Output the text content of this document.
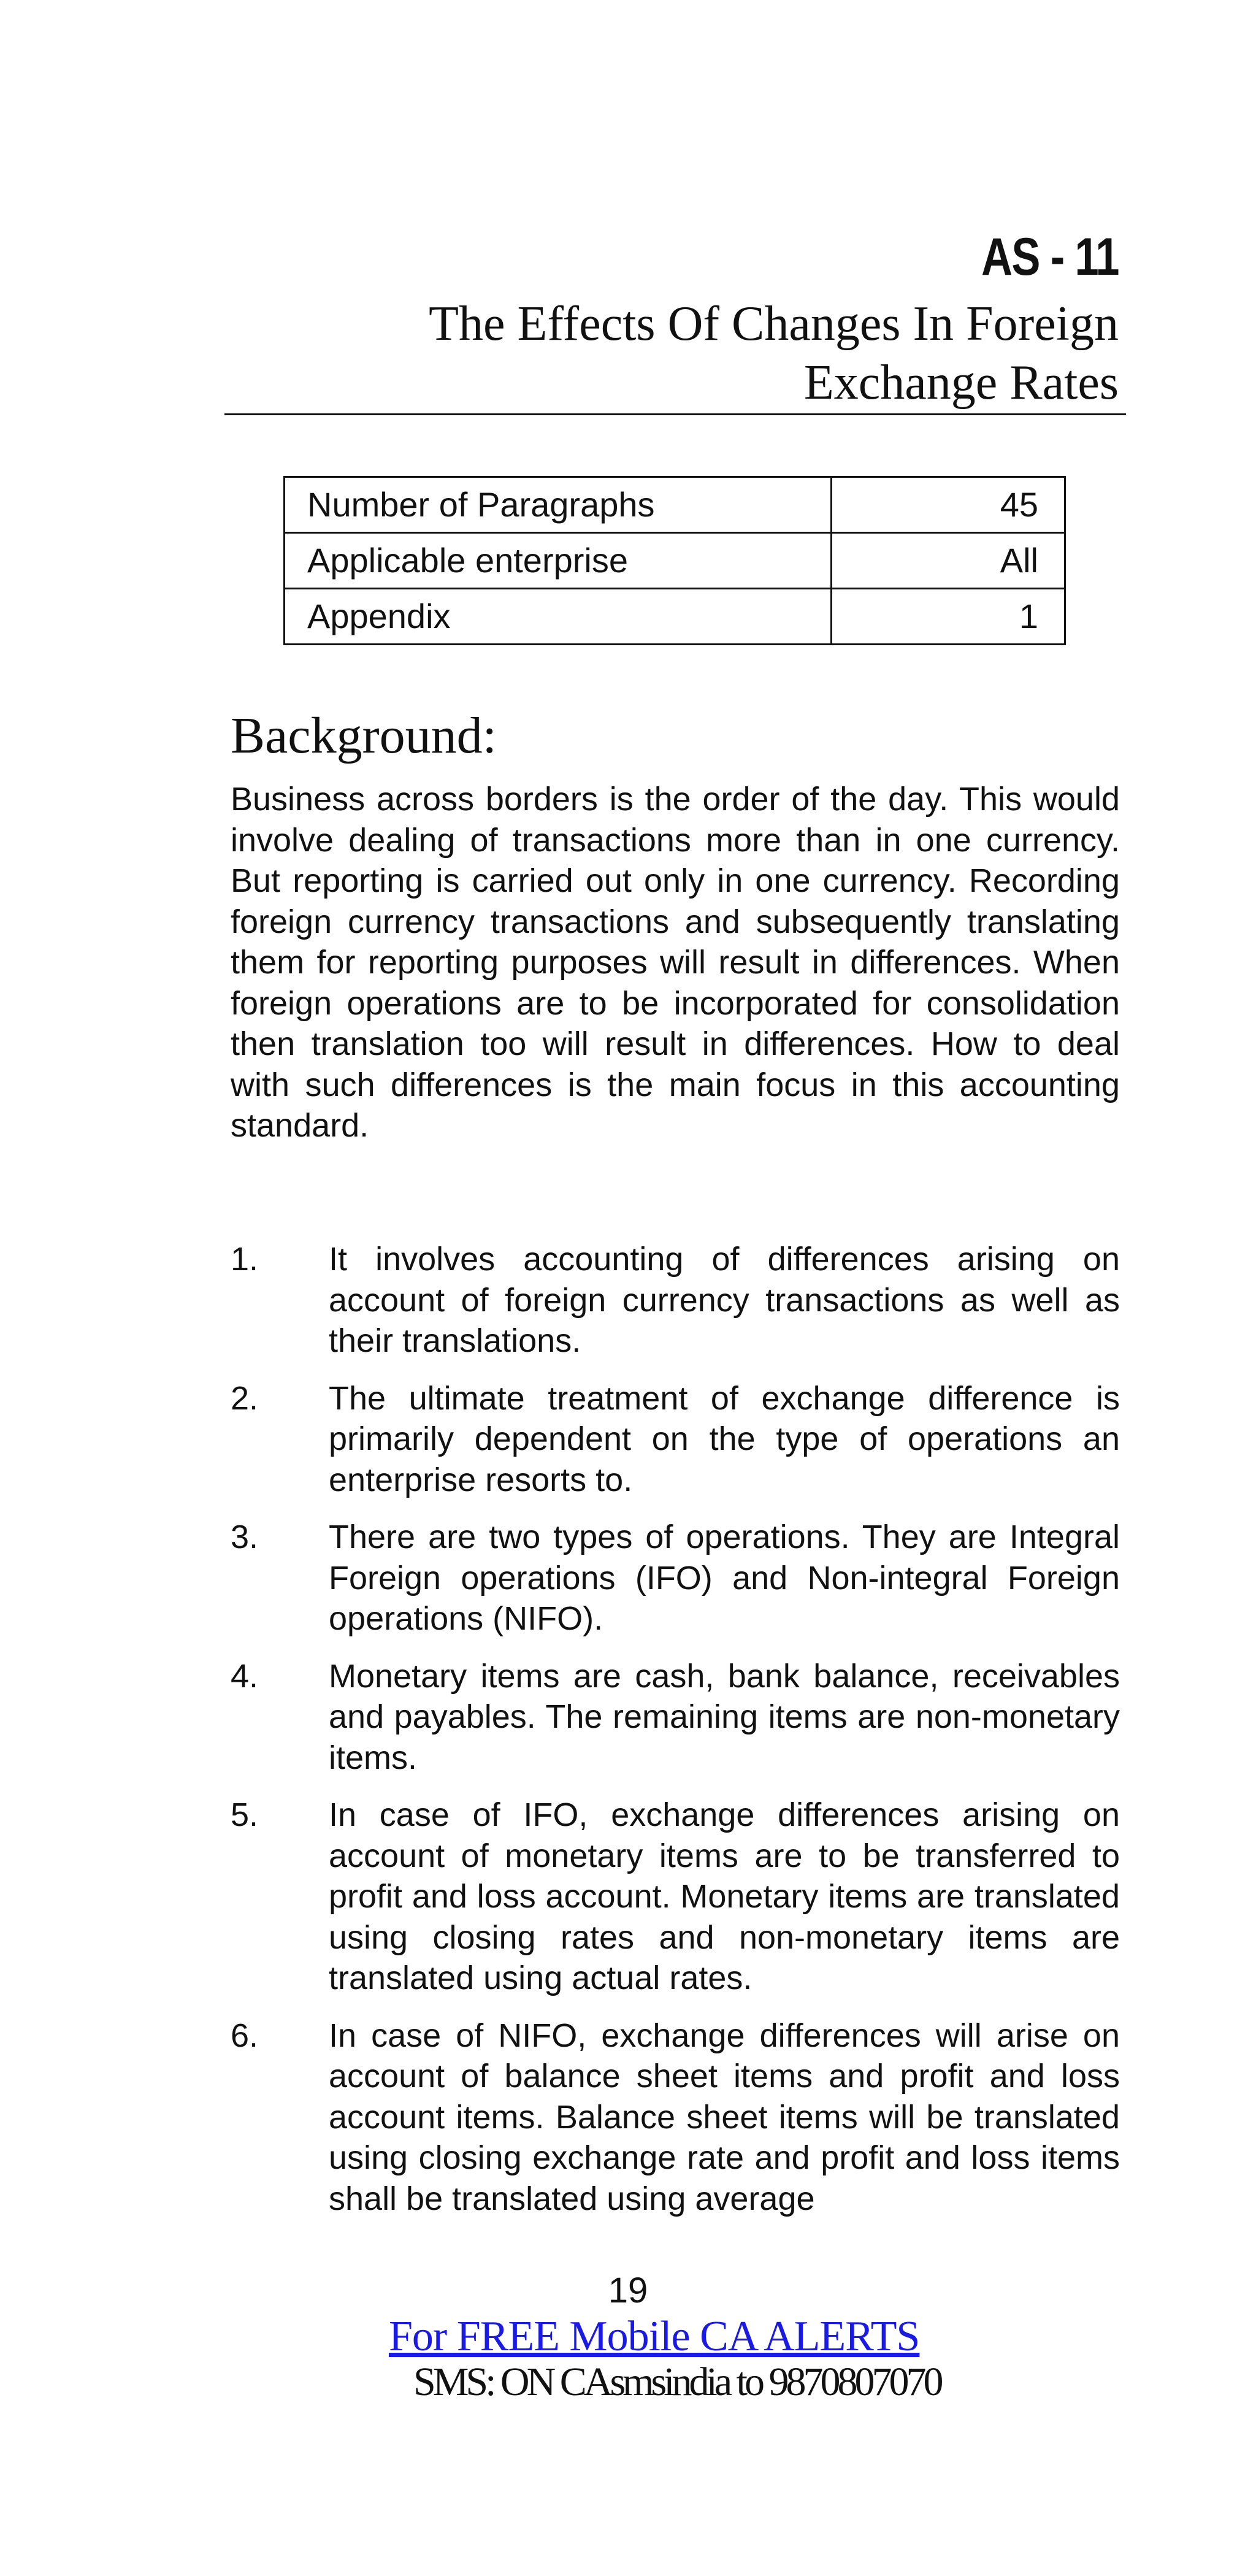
AS - 11
The Effects Of Changes In Foreign
Exchange Rates
Number of Paragraphs	45
Applicable enterprise	All
Appendix	1
Background:
Business across borders is the order of the day. This would involve dealing of transactions more than in one currency. But reporting is carried out only in one currency. Recording foreign currency transactions and subsequently translating them for reporting purposes will result in differences. When foreign operations are to be incorporated for consolidation then translation too will result in differences. How to deal with such differences is the main focus in this accounting standard.
1. It involves accounting of differences arising on account of foreign currency transactions as well as their translations.
2. The ultimate treatment of exchange difference is primarily dependent on the type of operations an enterprise resorts to.
3. There are two types of operations. They are Integral Foreign operations (IFO) and Non-integral Foreign operations (NIFO).
4. Monetary items are cash, bank balance, receivables and payables. The remaining items are non-monetary items.
5. In case of IFO, exchange differences arising on account of monetary items are to be transferred to profit and loss account. Monetary items are translated using closing rates and non-monetary items are translated using actual rates.
6. In case of NIFO, exchange differences will arise on account of balance sheet items and profit and loss account items. Balance sheet items will be translated using closing exchange rate and profit and loss items shall be translated using average
19
For FREE Mobile CA ALERTS
SMS: ON CAsmsindia to 9870807070
